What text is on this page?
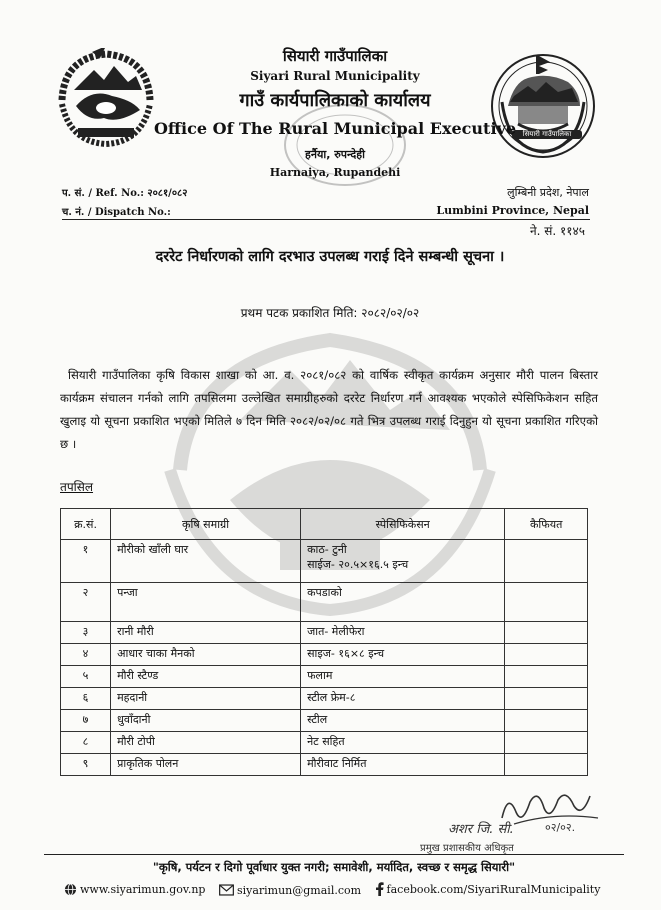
सियारी गाउँपालिका
सियारी गाउँपालिका
Siyari Rural Municipality
गाउँ कार्यपालिकाको कार्यालय
Office Of The Rural Municipal Executive
हर्नैया, रुपन्देही
Harnaiya, Rupandehi
प. सं. / Ref. No.: २०८१/०८२
च. नं. / Dispatch No.:
लुम्बिनी प्रदेश, नेपाल
Lumbini Province, Nepal
ने. सं. ११४५
दररेट निर्धारणको लागि दरभाउ उपलब्ध गराई दिने सम्बन्धी सूचना ।
प्रथम पटक प्रकाशित मिति: २०८२/०२/०२

सियारी गाउँपालिका कृषि विकास शाखा को आ. व. २०८१/०८२ को वार्षिक स्वीकृत कार्यक्रम अनुसार मौरी पालन बिस्तार कार्यक्रम संचालन गर्नको लागि तपसिलमा उल्लेखित समाग्रीहरुको दररेट निर्धारण गर्न आवश्यक भएकोले स्पेसिफिकेशन सहित खुलाइ यो सूचना प्रकाशित भएको मितिले ७ दिन मिति २०८२/०२/०८ गते भित्र उपलब्ध गराई दिनुहुन यो सूचना प्रकाशित गरिएको छ ।

तपसिल
क्र.सं.	कृषि समाग्री	स्पेसिफिकेसन	कैफियत
१	मौरीको खाँली घार	काठ- टुनी
साईज- २०.५×१६.५ इन्च	

२	पन्जा	कपडाको	
३	रानी मौरी	जात- मेलीफेरा	
४	आधार चाका मैनको	साइज- १६×८ इन्च	
५	मौरी स्टैण्ड	फलाम	
६	महदानी	स्टील फ्रेम-८	
७	धुवाँदानी	स्टील	
८	मौरी टोपी	नेट सहित	
९	प्राकृतिक पोलन	मौरीवाट निर्मित	
अशर जि. सी.	०२/०२.
प्रमुख प्रशासकीय अधिकृत
"कृषि, पर्यटन र दिगो पूर्वाधार युक्त नगरी; समावेशी, मर्यादित, स्वच्छ र समृद्ध सियारी"
www.siyarimun.gov.np
	siyarimun@gmail.com
facebook.com/SiyariRuralMunicipality
